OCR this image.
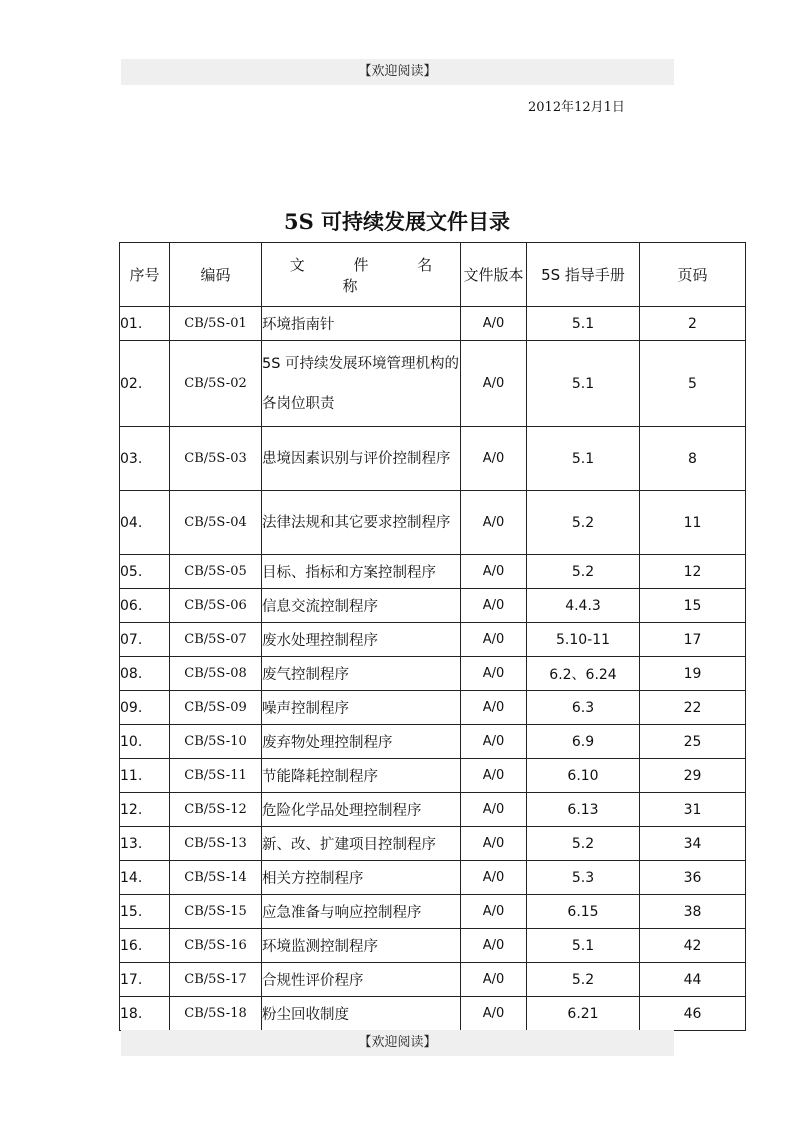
【欢迎阅读】
2012年12月1日
5S 可持续发展文件目录
序号	编码	文 件 名 称	文件版本	5S 指导手册	页码
01.	CB/5S-01	环境指南针	A/0	5.1	2
02.	CB/5S-02	5S 可持续发展环境管理机构的各岗位职责	A/0	5.1	5
03.	CB/5S-03	患境因素识别与评价控制程序	A/0	5.1	8
04.	CB/5S-04	法律法规和其它要求控制程序	A/0	5.2	11
05.	CB/5S-05	目标、指标和方案控制程序	A/0	5.2	12
06.	CB/5S-06	信息交流控制程序	A/0	4.4.3	15
07.	CB/5S-07	废水处理控制程序	A/0	5.10-11	17
08.	CB/5S-08	废气控制程序	A/0	6.2、6.24	19
09.	CB/5S-09	噪声控制程序	A/0	6.3	22
10.	CB/5S-10	废弃物处理控制程序	A/0	6.9	25
11.	CB/5S-11	节能降耗控制程序	A/0	6.10	29
12.	CB/5S-12	危险化学品处理控制程序	A/0	6.13	31
13.	CB/5S-13	新、改、扩建项目控制程序	A/0	5.2	34
14.	CB/5S-14	相关方控制程序	A/0	5.3	36
15.	CB/5S-15	应急准备与响应控制程序	A/0	6.15	38
16.	CB/5S-16	环境监测控制程序	A/0	5.1	42
17.	CB/5S-17	合规性评价程序	A/0	5.2	44
18.	CB/5S-18	粉尘回收制度	A/0	6.21	46
【欢迎阅读】
